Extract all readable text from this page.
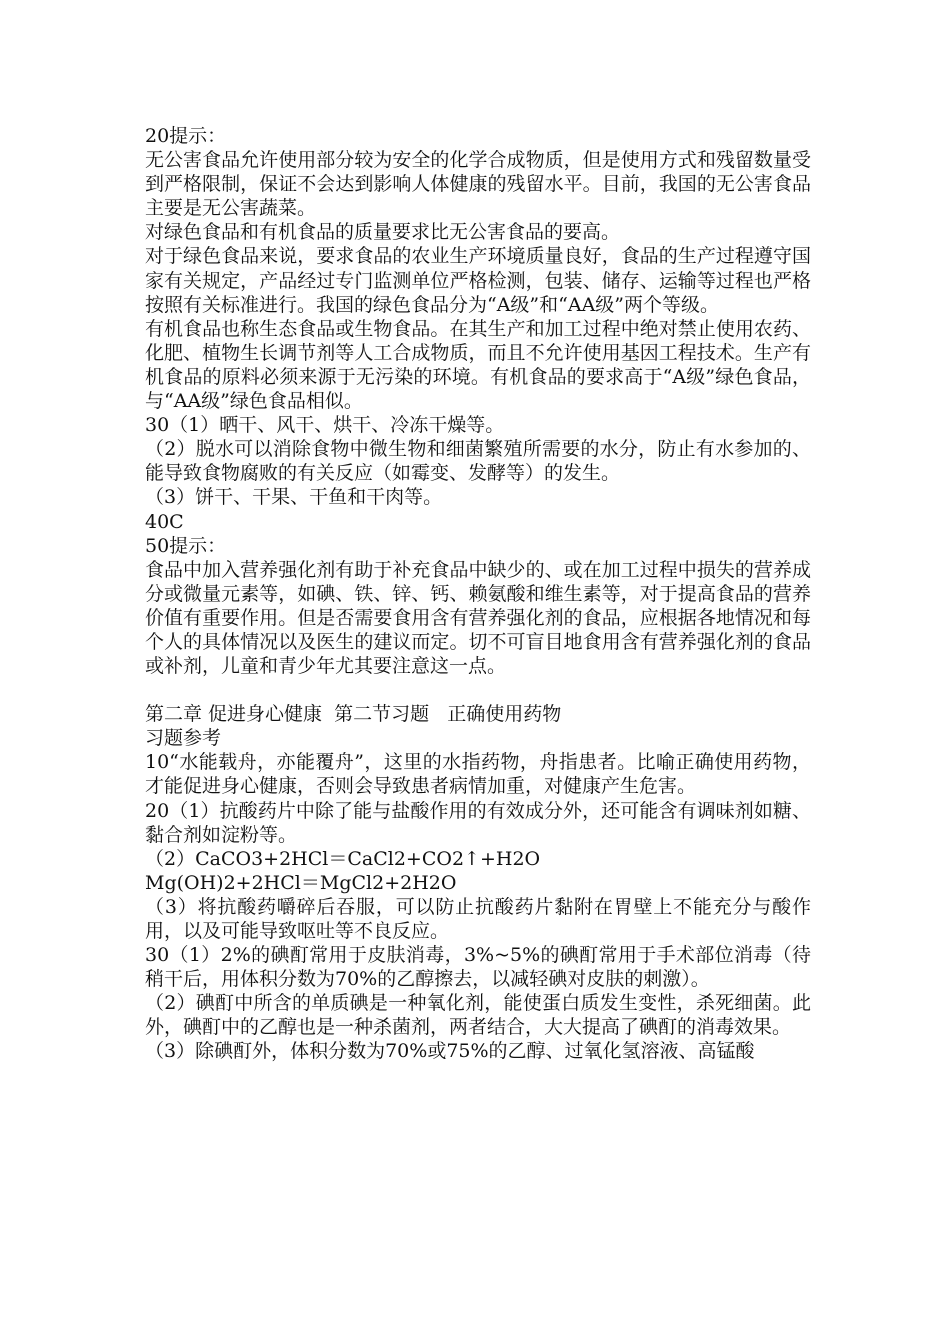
20提示：

无公害食品允许使用部分较为安全的化学合成物质，但是使用方式和残留数量受到严格限制，保证不会达到影响人体健康的残留水平。目前，我国的无公害食品主要是无公害蔬菜。

对绿色食品和有机食品的质量要求比无公害食品的要高。

对于绿色食品来说，要求食品的农业生产环境质量良好，食品的生产过程遵守国家有关规定，产品经过专门监测单位严格检测，包装、储存、运输等过程也严格按照有关标准进行。我国的绿色食品分为“A级”和“AA级”两个等级。

有机食品也称生态食品或生物食品。在其生产和加工过程中绝对禁止使用农药、化肥、植物生长调节剂等人工合成物质，而且不允许使用基因工程技术。生产有机食品的原料必须来源于无污染的环境。有机食品的要求高于“A级”绿色食品，与“AA级”绿色食品相似。

30（1）晒干、风干、烘干、冷冻干燥等。

（2）脱水可以消除食物中微生物和细菌繁殖所需要的水分，防止有水参加的、能导致食物腐败的有关反应（如霉变、发酵等）的发生。

（3）饼干、干果、干鱼和干肉等。

40C

50提示：

食品中加入营养强化剂有助于补充食品中缺少的、或在加工过程中损失的营养成分或微量元素等，如碘、铁、锌、钙、赖氨酸和维生素等，对于提高食品的营养价值有重要作用。但是否需要食用含有营养强化剂的食品，应根据各地情况和每个人的具体情况以及医生的建议而定。切不可盲目地食用含有营养强化剂的食品或补剂，儿童和青少年尤其要注意这一点。

第二章 促进身心健康  第二节习题   正确使用药物

习题参考

10“水能载舟，亦能覆舟”，这里的水指药物，舟指患者。比喻正确使用药物，才能促进身心健康，否则会导致患者病情加重，对健康产生危害。

20（1）抗酸药片中除了能与盐酸作用的有效成分外，还可能含有调味剂如糖、黏合剂如淀粉等。

（2）CaCO3+2HCl＝CaCl2+CO2↑+H2O

Mg(OH)2+2HCl＝MgCl2+2H2O

（3）将抗酸药嚼碎后吞服，可以防止抗酸药片黏附在胃壁上不能充分与酸作用，以及可能导致呕吐等不良反应。

30（1）2%的碘酊常用于皮肤消毒，3%~5%的碘酊常用于手术部位消毒（待稍干后，用体积分数为70%的乙醇擦去，以减轻碘对皮肤的刺激）。

（2）碘酊中所含的单质碘是一种氧化剂，能使蛋白质发生变性，杀死细菌。此外，碘酊中的乙醇也是一种杀菌剂，两者结合，大大提高了碘酊的消毒效果。

（3）除碘酊外，体积分数为70%或75%的乙醇、过氧化氢溶液、高锰酸
